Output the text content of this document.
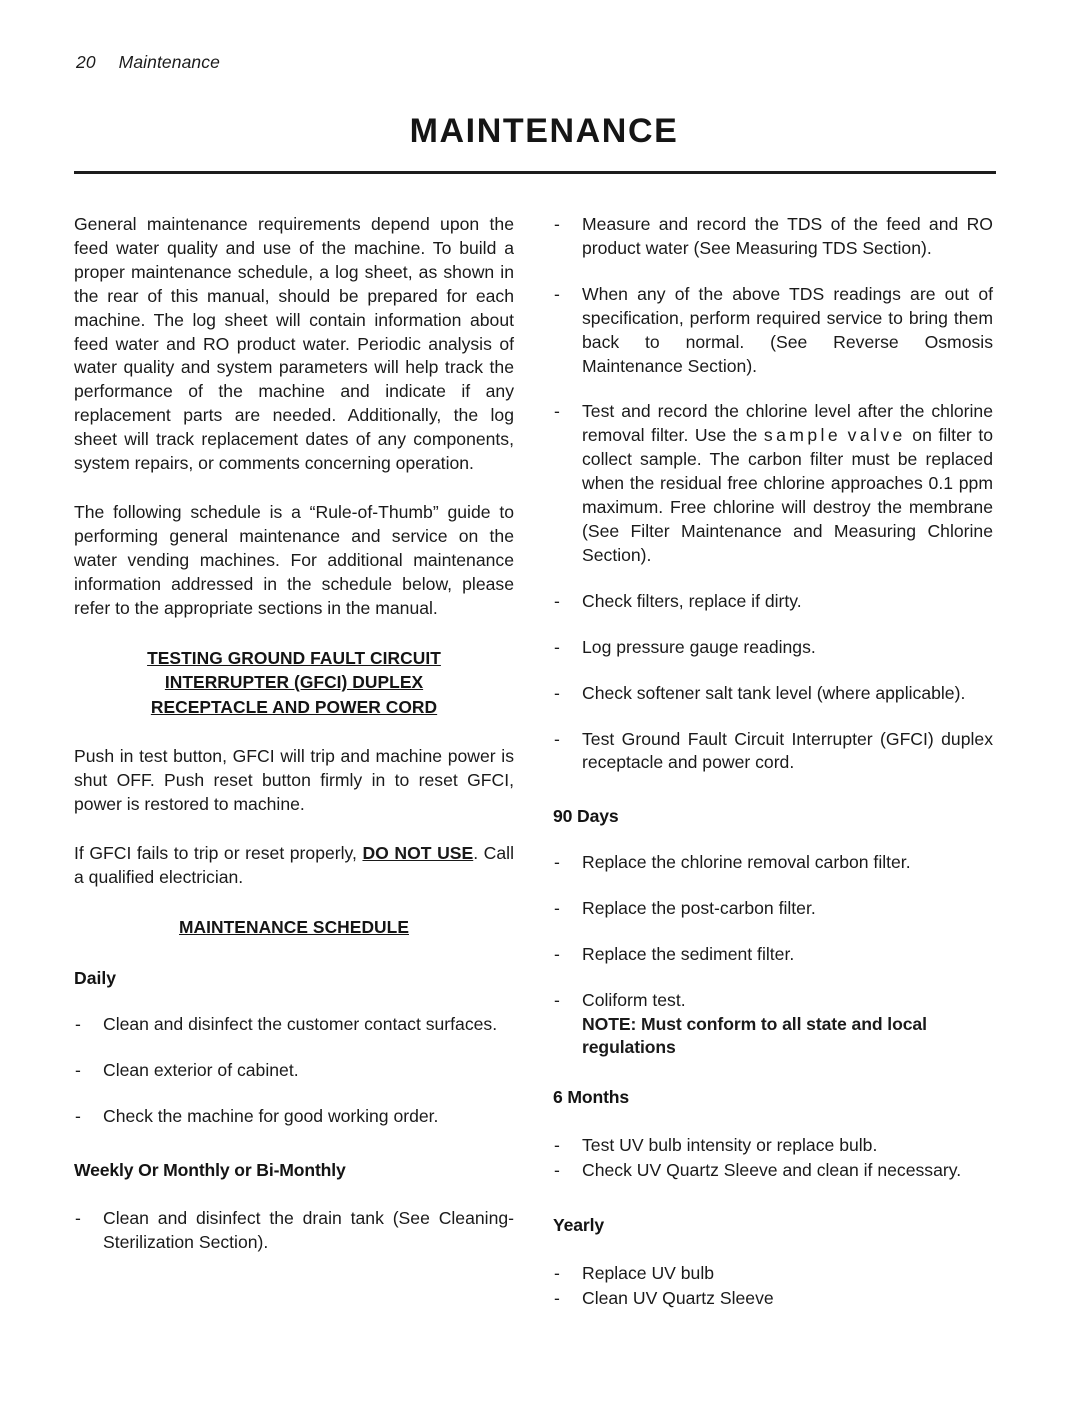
20 Maintenance
MAINTENANCE

General maintenance requirements depend upon the feed water quality and use of the machine. To build a proper maintenance schedule, a log sheet, as shown in the rear of this manual, should be prepared for each machine. The log sheet will contain information about feed water and RO product water. Periodic analysis of water quality and system parameters will help track the performance of the machine and indicate if any replacement parts are needed. Additionally, the log sheet will track replacement dates of any components, system repairs, or comments concerning operation.

The following schedule is a “Rule-of-Thumb” guide to performing general maintenance and service on the water vending machines. For additional maintenance information addressed in the schedule below, please refer to the appropriate sections in the manual.

TESTING GROUND FAULT CIRCUIT
INTERRUPTER (GFCI) DUPLEX
RECEPTACLE AND POWER CORD

Push in test button, GFCI will trip and machine power is shut OFF. Push reset button firmly in to reset GFCI, power is restored to machine.

If GFCI fails to trip or reset properly, DO NOT USE. Call a qualified electrician.

MAINTENANCE SCHEDULE
Daily
-	Clean and disinfect the customer contact surfaces.
-	Clean exterior of cabinet.
-	Check the machine for good working order.
Weekly Or Monthly or Bi-Monthly
-	Clean and disinfect the drain tank (See Cleaning-Sterilization Section).
-	Measure and record the TDS of the feed and RO product water (See Measuring TDS Section).
-	When any of the above TDS readings are out of specification, perform required service to bring them back to normal. (See Reverse Osmosis Maintenance Section).
-	Test and record the chlorine level after the chlorine removal filter. Use the sample valve on filter to collect sample. The carbon filter must be replaced when the residual free chlorine approaches 0.1 ppm maximum. Free chlorine will destroy the membrane (See Filter Maintenance and Measuring Chlorine Section).
-	Check filters, replace if dirty.
-	Log pressure gauge readings.
-	Check softener salt tank level (where applicable).
-	Test Ground Fault Circuit Interrupter (GFCI) duplex receptacle and power cord.
90 Days
-	Replace the chlorine removal carbon filter.
-	Replace the post-carbon filter.
-	Replace the sediment filter.
-	Coliform test.
NOTE: Must conform to all state and local regulations
6 Months
-	Test UV bulb intensity or replace bulb.
-	Check UV Quartz Sleeve and clean if necessary.
Yearly
-	Replace UV bulb
-	Clean UV Quartz Sleeve
